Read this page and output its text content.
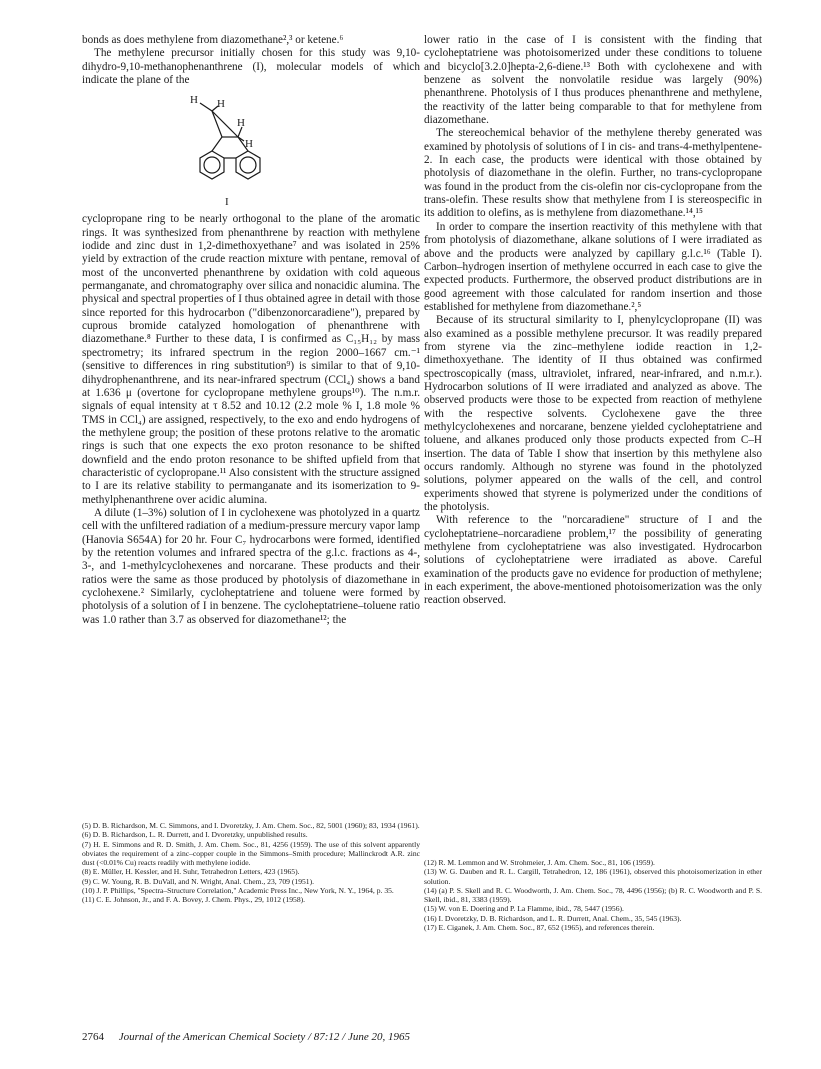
bonds as does methylene from diazomethane²,³ or ketene.⁶

The methylene precursor initially chosen for this study was 9,10-dihydro-9,10-methanophenanthrene (I), molecular models of which indicate the plane of the

H H
H
H
I

cyclopropane ring to be nearly orthogonal to the plane of the aromatic rings. It was synthesized from phenanthrene by reaction with methylene iodide and zinc dust in 1,2-dimethoxyethane⁷ and was isolated in 25% yield by extraction of the crude reaction mixture with pentane, removal of most of the unconverted phenanthrene by oxidation with cold aqueous permanganate, and chromatography over silica and nonacidic alumina. The physical and spectral properties of I thus obtained agree in detail with those since reported for this hydrocarbon ("dibenzonorcaradiene"), prepared by cuprous bromide catalyzed homologation of phenanthrene with diazomethane.⁸ Further to these data, I is confirmed as C₁₅H₁₂ by mass spectrometry; its infrared spectrum in the region 2000–1667 cm.⁻¹ (sensitive to differences in ring substitution⁹) is similar to that of 9,10-dihydrophenanthrene, and its near-infrared spectrum (CCl₄) shows a band at 1.636 μ (overtone for cyclopropane methylene groups¹⁰). The n.m.r. signals of equal intensity at τ 8.52 and 10.12 (2.2 mole % I, 1.8 mole % TMS in CCl₄) are assigned, respectively, to the exo and endo hydrogens of the methylene group; the position of these protons relative to the aromatic rings is such that one expects the exo proton resonance to be shifted downfield and the endo proton resonance to be shifted upfield from that characteristic of cyclopropane.¹¹ Also consistent with the structure assigned to I are its relative stability to permanganate and its isomerization to 9-methylphenanthrene over acidic alumina.

A dilute (1–3%) solution of I in cyclohexene was photolyzed in a quartz cell with the unfiltered radiation of a medium-pressure mercury vapor lamp (Hanovia S654A) for 20 hr. Four C₇ hydrocarbons were formed, identified by the retention volumes and infrared spectra of the g.l.c. fractions as 4-, 3-, and 1-methylcyclohexenes and norcarane. These products and their ratios were the same as those produced by photolysis of diazomethane in cyclohexene.² Similarly, cycloheptatriene and toluene were formed by photolysis of a solution of I in benzene. The cycloheptatriene–toluene ratio was 1.0 rather than 3.7 as observed for diazomethane¹²; the

lower ratio in the case of I is consistent with the finding that cycloheptatriene was photoisomerized under these conditions to toluene and bicyclo[3.2.0]hepta-2,6-diene.¹³ Both with cyclohexene and with benzene as solvent the nonvolatile residue was largely (90%) phenanthrene. Photolysis of I thus produces phenanthrene and methylene, the reactivity of the latter being comparable to that for methylene from diazomethane.

The stereochemical behavior of the methylene thereby generated was examined by photolysis of solutions of I in cis- and trans-4-methylpentene-2. In each case, the products were identical with those obtained by photolysis of diazomethane in the olefin. Further, no trans-cyclopropane was found in the product from the cis-olefin nor cis-cyclopropane from the trans-olefin. These results show that methylene from I is stereospecific in its addition to olefins, as is methylene from diazomethane.¹⁴,¹⁵

In order to compare the insertion reactivity of this methylene with that from photolysis of diazomethane, alkane solutions of I were irradiated as above and the products were analyzed by capillary g.l.c.¹⁶ (Table I). Carbon–hydrogen insertion of methylene occurred in each case to give the expected products. Furthermore, the observed product distributions are in good agreement with those calculated for random insertion and those established for methylene from diazomethane.²,⁵

Because of its structural similarity to I, phenylcyclopropane (II) was also examined as a possible methylene precursor. It was readily prepared from styrene via the zinc–methylene iodide reaction in 1,2-dimethoxyethane. The identity of II thus obtained was confirmed spectroscopically (mass, ultraviolet, infrared, near-infrared, and n.m.r.). Hydrocarbon solutions of II were irradiated and analyzed as above. The observed products were those to be expected from reaction of methylene with the respective solvents. Cyclohexene gave the three methylcyclohexenes and norcarane, benzene yielded cycloheptatriene and toluene, and alkanes produced only those products expected from C–H insertion. The data of Table I show that insertion by this methylene also occurs randomly. Although no styrene was found in the photolyzed solutions, polymer appeared on the walls of the cell, and control experiments showed that styrene is polymerized under the conditions of the photolysis.

With reference to the "norcaradiene" structure of I and the cycloheptatriene–norcaradiene problem,¹⁷ the possibility of generating methylene from cycloheptatriene was also investigated. Hydrocarbon solutions of cycloheptatriene were irradiated as above. Careful examination of the products gave no evidence for production of methylene; in each experiment, the above-mentioned photoisomerization was the only reaction observed.

(5) D. B. Richardson, M. C. Simmons, and I. Dvoretzky, J. Am. Chem. Soc., 82, 5001 (1960); 83, 1934 (1961).

(6) D. B. Richardson, L. R. Durrett, and I. Dvoretzky, unpublished results.

(7) H. E. Simmons and R. D. Smith, J. Am. Chem. Soc., 81, 4256 (1959). The use of this solvent apparently obviates the requirement of a zinc–copper couple in the Simmons–Smith procedure; Mallinckrodt A.R. zinc dust (<0.01% Cu) reacts readily with methylene iodide.

(8) E. Müller, H. Kessler, and H. Suhr, Tetrahedron Letters, 423 (1965).

(9) C. W. Young, R. B. DuVall, and N. Wright, Anal. Chem., 23, 709 (1951).

(10) J. P. Phillips, "Spectra–Structure Correlation," Academic Press Inc., New York, N. Y., 1964, p. 35.

(11) C. E. Johnson, Jr., and F. A. Bovey, J. Chem. Phys., 29, 1012 (1958).

(12) R. M. Lemmon and W. Strohmeier, J. Am. Chem. Soc., 81, 106 (1959).

(13) W. G. Dauben and R. L. Cargill, Tetrahedron, 12, 186 (1961), observed this photoisomerization in ether solution.

(14) (a) P. S. Skell and R. C. Woodworth, J. Am. Chem. Soc., 78, 4496 (1956); (b) R. C. Woodworth and P. S. Skell, ibid., 81, 3383 (1959).

(15) W. von E. Doering and P. La Flamme, ibid., 78, 5447 (1956).

(16) I. Dvoretzky, D. B. Richardson, and L. R. Durrett, Anal. Chem., 35, 545 (1963).

(17) E. Ciganek, J. Am. Chem. Soc., 87, 652 (1965), and references therein.

2764 Journal of the American Chemical Society / 87:12 / June 20, 1965
